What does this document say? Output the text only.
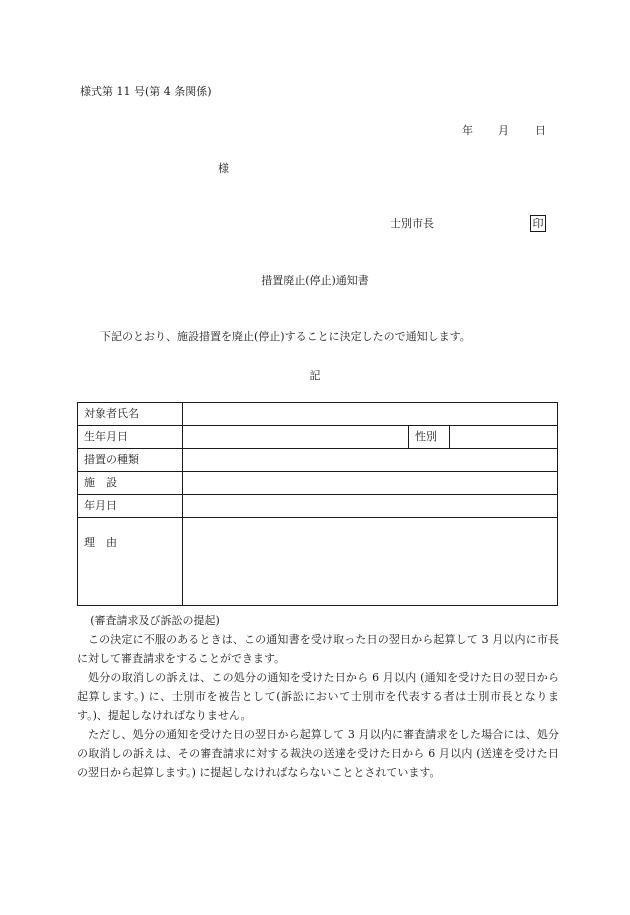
様式第 11 号(第 4 条関係)
年 月 日
様
士別市長	印
措置廃止(停止)通知書
下記のとおり、施設措置を廃止(停止)することに決定したので通知します。
記
対象者氏名			
生年月日		性別	
措置の種類			
施　設			
年月日			
理　由			

(審査請求及び訴訟の提起)

この決定に不服のあるときは、この通知書を受け取った日の翌日から起算して 3 月以内に市長に対して審査請求をすることができます。

処分の取消しの訴えは、この処分の通知を受けた日から 6 月以内 (通知を受けた日の翌日から起算します。) に、士別市を被告として(訴訟において士別市を代表する者は士別市長となります。)、提起しなければなりません。

ただし、処分の通知を受けた日の翌日から起算して 3 月以内に審査請求をした場合には、処分の取消しの訴えは、その審査請求に対する裁決の送達を受けた日から 6 月以内 (送達を受けた日の翌日から起算します。) に提起しなければならないこととされています。
